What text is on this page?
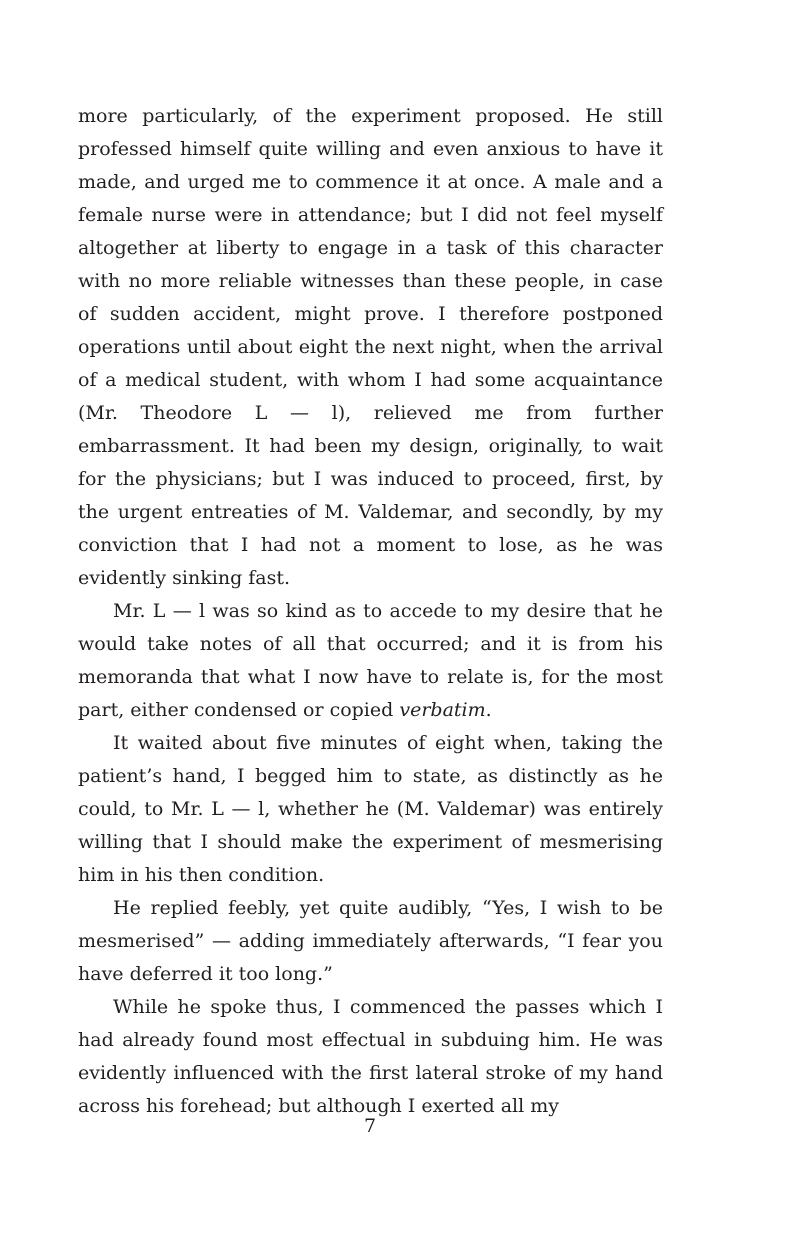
more particularly, of the experiment proposed. He still professed himself quite willing and even anxious to have it made, and urged me to commence it at once. A male and a female nurse were in attendance; but I did not feel myself altogether at liberty to engage in a task of this character with no more reliable witnesses than these people, in case of sudden accident, might prove. I therefore postponed operations until about eight the next night, when the arrival of a medical student, with whom I had some acquaintance (Mr. Theodore L — l), relieved me from further embarrassment. It had been my design, originally, to wait for the physicians; but I was induced to proceed, first, by the urgent entreaties of M. Valdemar, and secondly, by my conviction that I had not a moment to lose, as he was evidently sinking fast.

Mr. L — l was so kind as to accede to my desire that he would take notes of all that occurred; and it is from his memoranda that what I now have to relate is, for the most part, either condensed or copied verbatim.

It waited about five minutes of eight when, taking the patient’s hand, I begged him to state, as distinctly as he could, to Mr. L — l, whether he (M. Valdemar) was entirely willing that I should make the experiment of mesmerising him in his then condition.

He replied feebly, yet quite audibly, “Yes, I wish to be mesmerised” — adding immediately afterwards, “I fear you have deferred it too long.”

While he spoke thus, I commenced the passes which I had already found most effectual in subduing him. He was evidently influenced with the first lateral stroke of my hand across his forehead; but although I exerted all my

7
